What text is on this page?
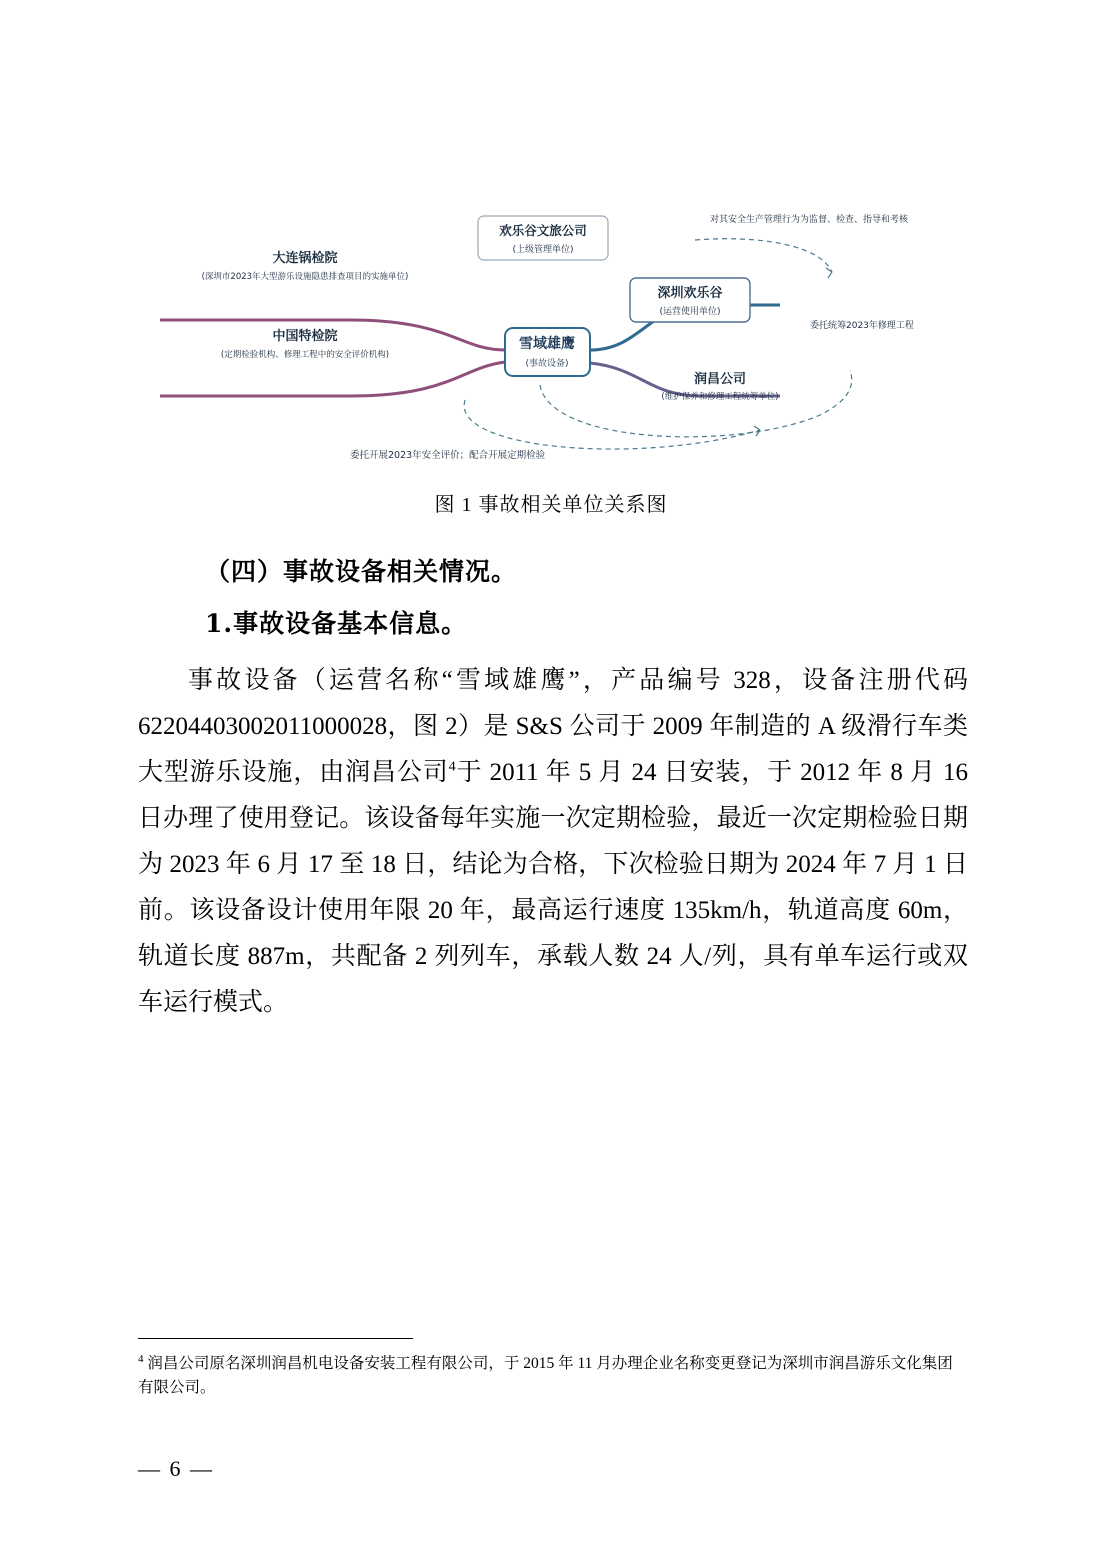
雪域雄鹰
(事故设备)
欢乐谷文旅公司
(上级管理单位)
深圳欢乐谷
(运营使用单位)
润昌公司
(维护保养和修理工程统筹单位)
大连锅检院
(深圳市2023年大型游乐设施隐患排查项目的实施单位)
中国特检院
(定期检验机构、修理工程中的安全评价机构)
对其安全生产管理行为为监督、检查、指导和考核
委托统筹2023年修理工程
委托开展2023年安全评价；配合开展定期检验
图 1 事故相关单位关系图
（四）事故设备相关情况。
1.事故设备基本信息。
事故设备（运营名称“雪域雄鹰”，产品编号 328，设备注册代码 62204403002011000028，图 2）是 S&S 公司于 2009 年制造的 A 级滑行车类大型游乐设施，由润昌公司$^4$于 2011 年 5 月 24 日安装，于 2012 年 8 月 16 日办理了使用登记。该设备每年实施一次定期检验，最近一次定期检验日期为 2023 年 6 月 17 至 18 日，结论为合格，下次检验日期为 2024 年 7 月 1 日前。该设备设计使用年限 20 年，最高运行速度 135km/h，轨道高度 60m，轨道长度 887m，共配备 2 列列车，承载人数 24 人/列，具有单车运行或双车运行模式。
$^4$ 润昌公司原名深圳润昌机电设备安装工程有限公司，于 2015 年 11 月办理企业名称变更登记为深圳市润昌游乐文化集团有限公司。
— 6 —
